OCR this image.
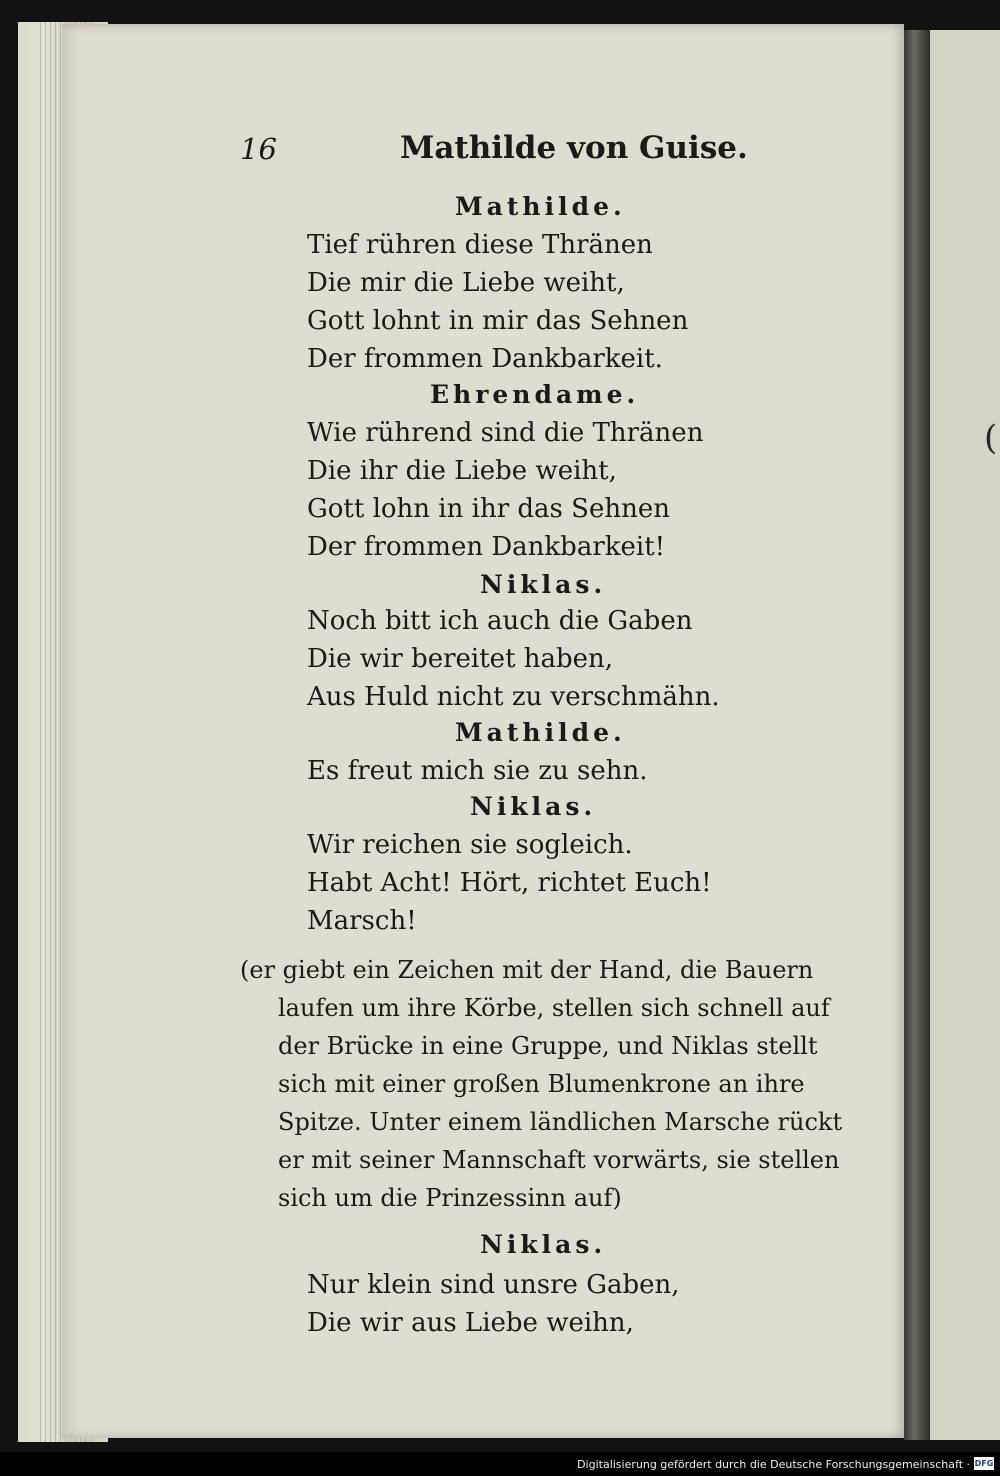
(
16	Mathilde von Guise.
Mathilde.
Tief rühren diese Thränen
Die mir die Liebe weiht,
Gott lohnt in mir das Sehnen
Der frommen Dankbarkeit.
Ehrendame.
Wie rührend sind die Thränen
Die ihr die Liebe weiht,
Gott lohn in ihr das Sehnen
Der frommen Dankbarkeit!
Niklas.
Noch bitt ich auch die Gaben
Die wir bereitet haben,
Aus Huld nicht zu verschmähn.
Mathilde.
Es freut mich sie zu sehn.
Niklas.
Wir reichen sie sogleich.
Habt Acht! Hört, richtet Euch!
Marsch!
(er giebt ein Zeichen mit der Hand, die Bauern
laufen um ihre Körbe, stellen sich schnell auf
der Brücke in eine Gruppe, und Niklas stellt
sich mit einer großen Blumenkrone an ihre
Spitze. Unter einem ländlichen Marsche rückt
er mit seiner Mannschaft vorwärts, sie stellen
sich um die Prinzessinn auf)
Niklas.
Nur klein sind unsre Gaben,
Die wir aus Liebe weihn,
Digitalisierung gefördert durch die Deutsche Forschungsgemeinschaft · DFG
